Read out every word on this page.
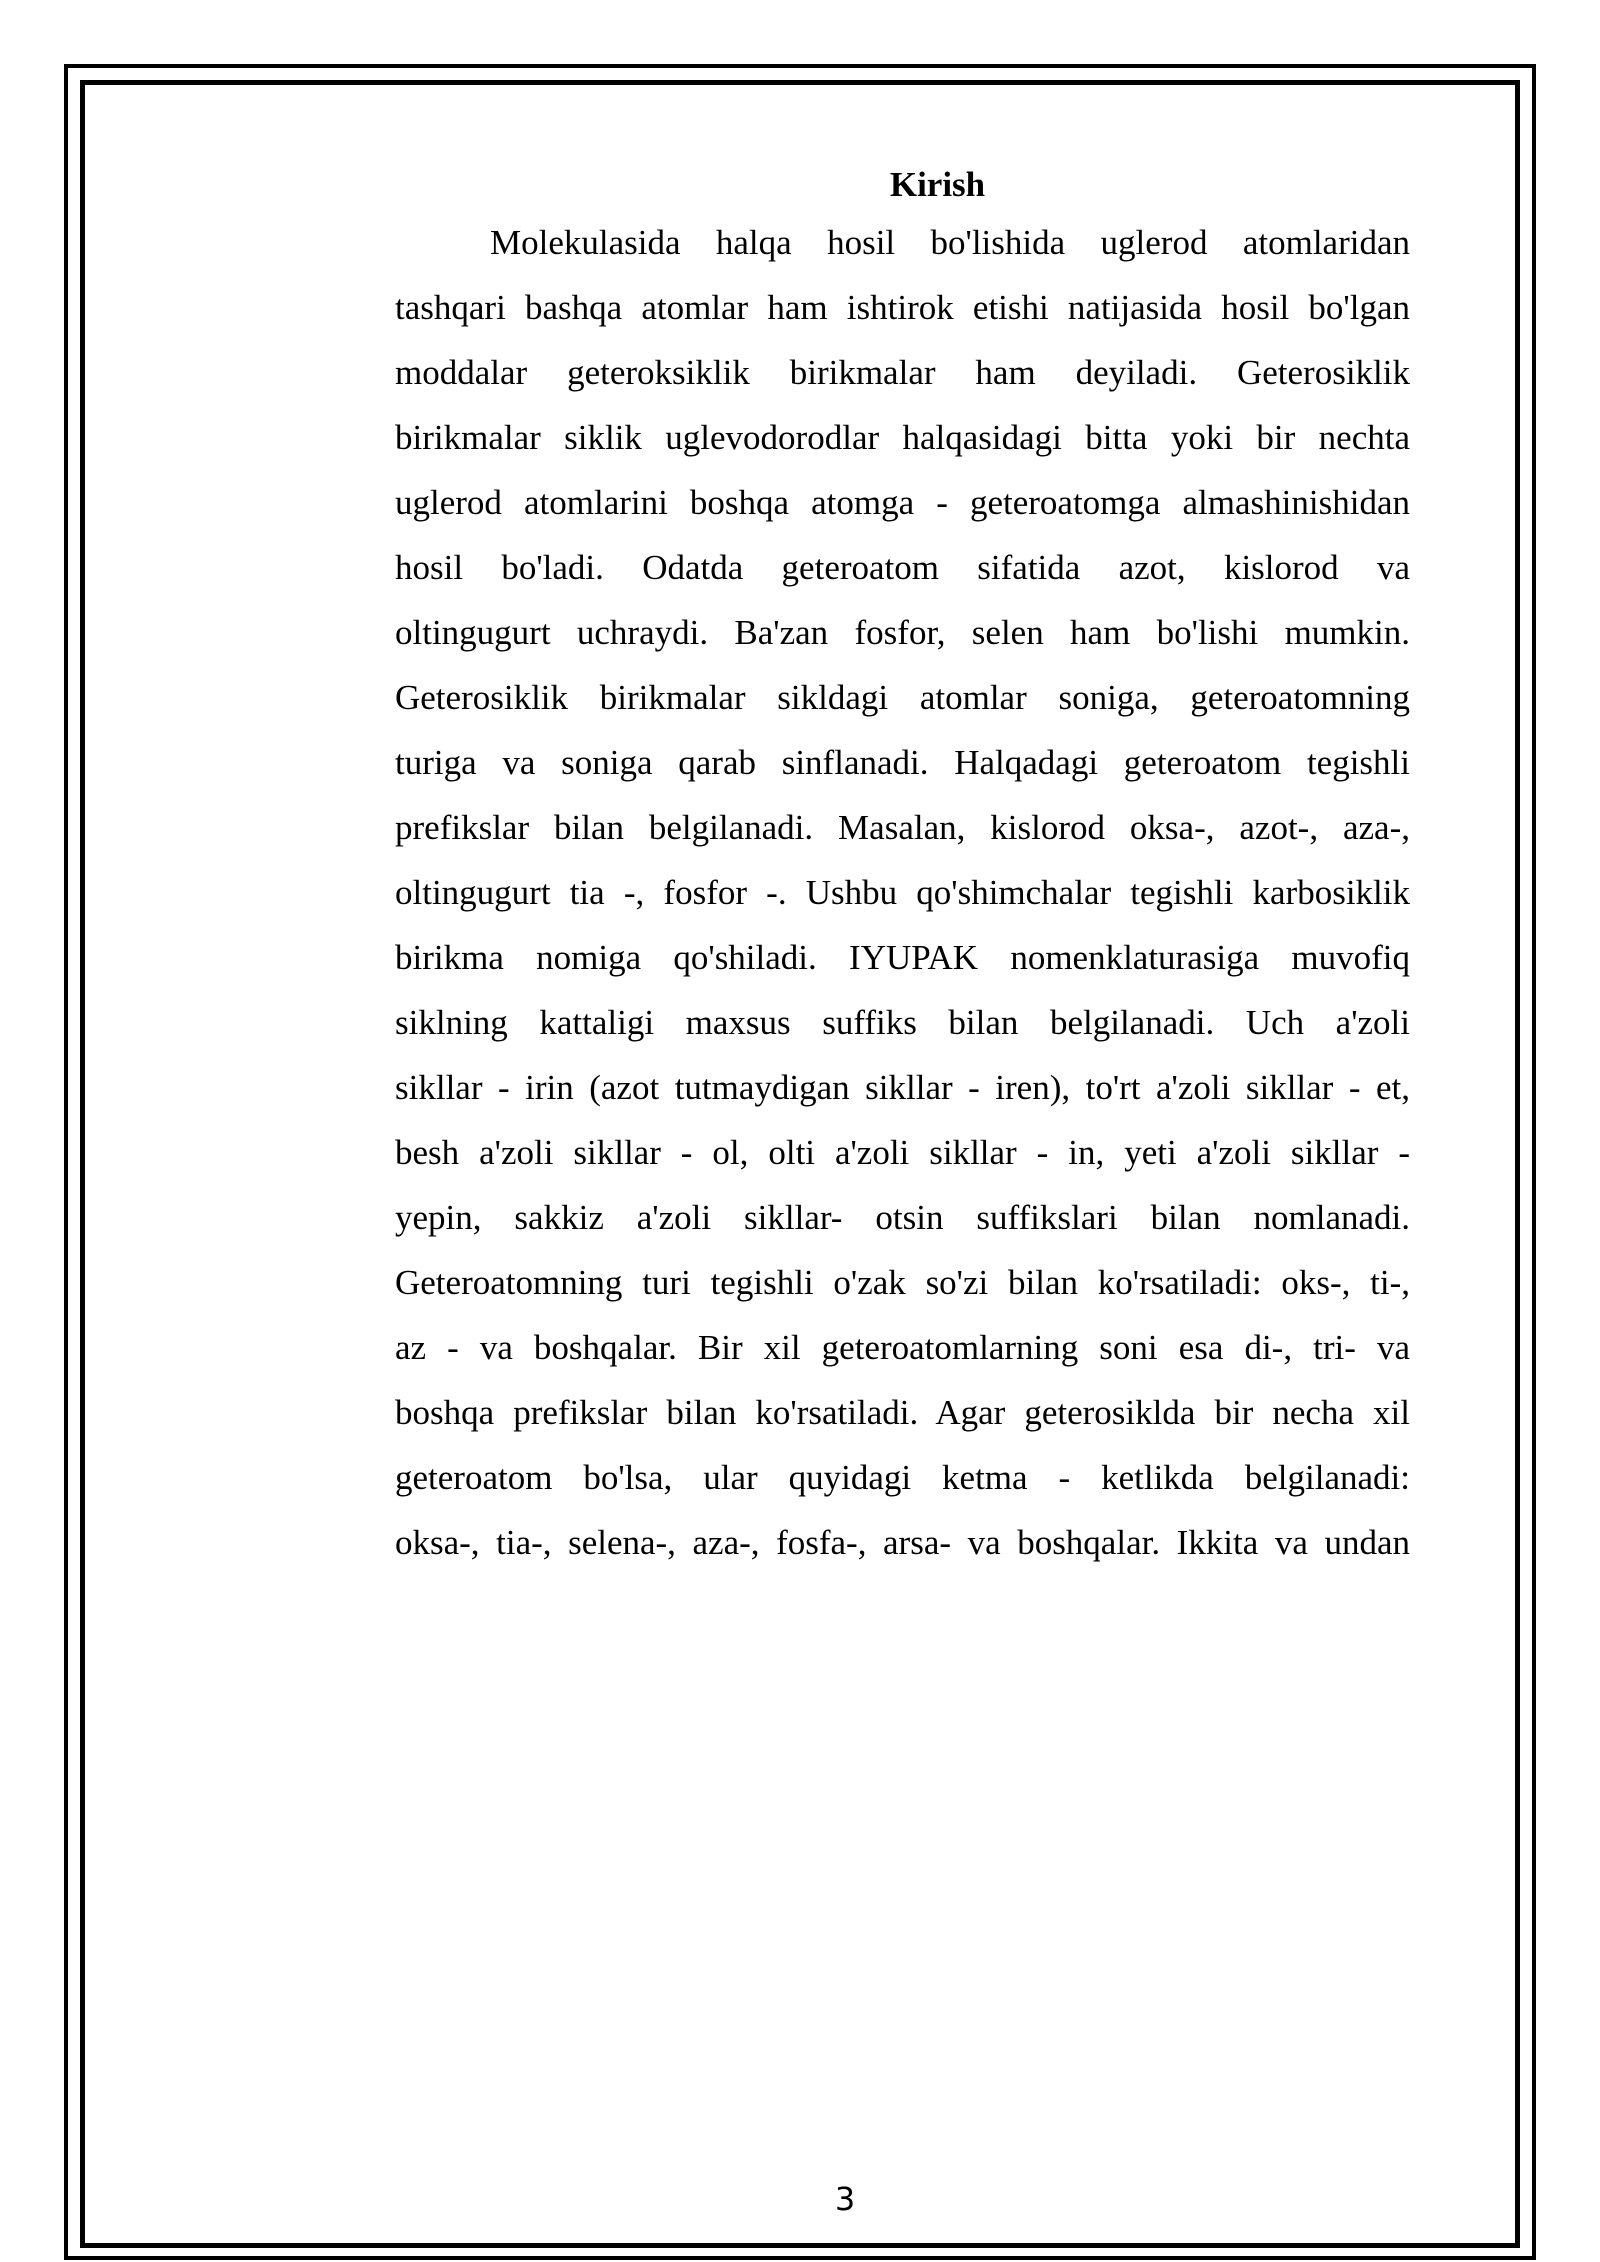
Kirish
Molekulasida halqa hosil bo'lishida uglerod atomlaridan
tashqari bashqa atomlar ham ishtirok etishi natijasida hosil bo'lgan
moddalar geteroksiklik birikmalar ham deyiladi. Geterosiklik
birikmalar siklik uglevodorodlar halqasidagi bitta yoki bir nechta
uglerod atomlarini boshqa atomga - geteroatomga almashinishidan
hosil bo'ladi. Odatda geteroatom sifatida azot, kislorod va
oltingugurt uchraydi. Ba'zan fosfor, selen ham bo'lishi mumkin.
Geterosiklik birikmalar sikldagi atomlar soniga, geteroatomning
turiga va soniga qarab sinflanadi. Halqadagi geteroatom tegishli
prefikslar bilan belgilanadi. Masalan, kislorod oksa-, azot-, aza-,
oltingugurt tia -, fosfor -. Ushbu qo'shimchalar tegishli karbosiklik
birikma nomiga qo'shiladi. IYUPAK nomenklaturasiga muvofiq
siklning kattaligi maxsus suffiks bilan belgilanadi. Uch a'zoli
sikllar - irin (azot tutmaydigan sikllar - iren), to'rt a'zoli sikllar - et,
besh a'zoli sikllar - ol, olti a'zoli sikllar - in, yeti a'zoli sikllar -
yepin, sakkiz a'zoli sikllar- otsin suffikslari bilan nomlanadi.
Geteroatomning turi tegishli o'zak so'zi bilan ko'rsatiladi: oks-, ti-,
az - va boshqalar. Bir xil geteroatomlarning soni esa di-, tri- va
boshqa prefikslar bilan ko'rsatiladi. Agar geterosiklda bir necha xil
geteroatom bo'lsa, ular quyidagi ketma - ketlikda belgilanadi:
oksa-, tia-, selena-, aza-, fosfa-, arsa- va boshqalar. Ikkita va undan
3
